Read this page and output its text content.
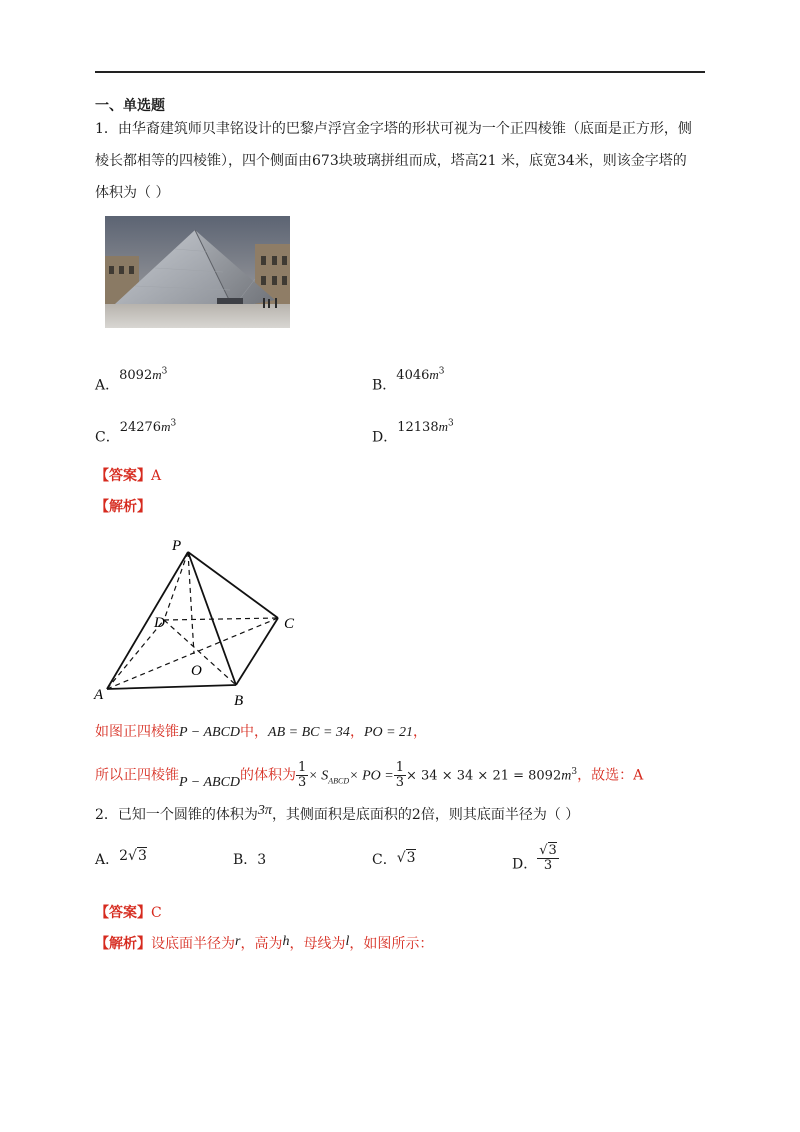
一、单选题
1．由华裔建筑师贝聿铭设计的巴黎卢浮宫金字塔的形状可视为一个正四棱锥（底面是正方形，侧
棱长都相等的四棱锥），四个侧面由673块玻璃拼组而成，塔高21 米，底宽34米，则该金字塔的
体积为（ ）
A．$8092m^3$
B．$4046m^3$
C．$24276m^3$
D．$12138m^3$
【答案】A
【解析】
P
D	C
O
A	B
如图正四棱锥P − ABCD中，AB = BC = 34，PO = 21，
所以正四棱锥P − ABCD的体积为 $\frac{1}{3} \times S_{ABCD}\times$ PO = $\frac{1}{3} \times 34 \times 34 \times 21 = 8092m^3$，故选：A
2．已知一个圆锥的体积为3π，其侧面积是底面积的2倍，则其底面半径为（ ）
A．2√3	B．3	C．√3	D． $\frac{√3}{3}$
【答案】C
【解析】设底面半径为r，高为h，母线为l，如图所示：
